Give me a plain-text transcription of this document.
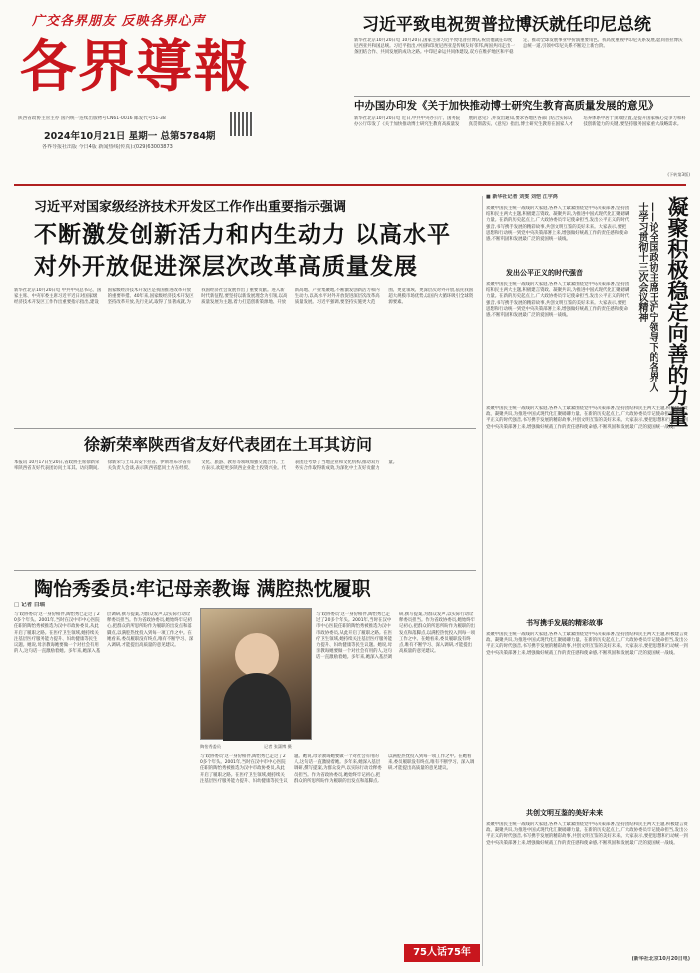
广交各界朋友 反映各界心声
各界導報
陕西省政协主管主办 国内统一连续出版物号CN61-0016 邮发代号51-38
2024年10月21日 星期一 总第5784期
各界导报社出版 今日4版 新闻热线(传真):(029)63003873
习近平致电祝贺普拉博沃就任印尼总统
新华社北京10月20日电 10月20日,国家主席习近平致电普拉博沃,祝贺他就任印度尼西亚共和国总统。习近平指出,中国和印度尼西亚是传统友好邻邦,两国共同走出一条团结合作、共同发展的成功之路。中印尼命运共同体建设,双方在维护地区和平稳定、推动全球发展事业中扮演重要角色。我高度重视中印尼关系发展,愿同普拉博沃总统一道,引领中印尼关系不断迈上新台阶。
中办国办印发《关于加快推动博士研究生教育高质量发展的意见》
新华社北京10月20日电 近日,中共中央办公厅、国务院办公厅印发了《关于加快推动博士研究生教育高质量发展的意见》,并发出通知,要求各地区各部门结合实际认真贯彻落实。《意见》指出,博士研究生教育在国家人才培养体系中居于顶端位置,是提升国家核心竞争力和科技创新能力的关键,要坚持服务国家重大战略需求。
(下转第3版)
习近平对国家级经济技术开发区工作作出重要指示强调
不断激发创新活力和内生动力 以高水平
对外开放促进深层次改革高质量发展
新华社北京10月20日电 中共中央总书记、国家主席、中央军委主席习近平近日对国家级经济技术开发区工作作出重要指示指出,建设国家级经济技术开发区是我国推进改革开放的重要举措。40年来,国家级经济技术开发区坚持改革开放,先行先试,取得了显著成就,为我国经济社会发展作出了重要贡献。进入新时代新征程,要坚持以新发展理念为引领,以高质量发展为主题,着力打造创新策源地、开放新高地、产业集聚地,不断激发创新活力和内生动力,以高水平对外开放促进深层次改革高质量发展。习近平强调,要坚持实施更大范围、更宽领域、更深层次对外开放,依托我国超大规模市场优势,以国内大循环吸引全球资源要素。
徐新荣率陕西省友好代表团在土耳其访问
本报讯 10月17日至20日,省政协主席徐新荣率陕西省友好代表团访问土耳其。访问期间,徐新荣与土耳其安卡拉省、伊斯坦布尔省有关负责人会谈,表示陕西省愿同土方在经贸、文化、旅游、教育等领域加强交流合作。土方表示,欢迎更多陕西企业赴土投资兴业。代表团还考察了当地企业和文化机构,推动双方务实合作取得新成效,为深化中土友好贡献力量。
陶怡秀委员:牢记母亲教诲 满腔热忱履职
□ 记者 白瑞
与'政协委员'这一身份相伴,陶怡秀已走过了20多个年头。2001年,当时在汉中市中心医院任职的陶怡秀被推选为汉中市政协委员,从此开启了履职之路。在医疗卫生领域,她持续关注基层医疗服务能力提升、妇幼健康等民生议题。她说,母亲教诲她要做一个对社会有用的人,这句话一直激励着她。多年来,她深入基层调研,撰写提案,为群众发声,以实际行动诠释委员担当。作为省政协委员,她始终牢记初心,把群众的所思所盼作为履职的出发点和落脚点,以满腔热忱投入到每一项工作之中。在她看来,委员履职没有终点,唯有不断学习、深入调研,才能提出高质量的意见建议。
陶怡秀委员	记者 张潇博 摄
与'政协委员'这一身份相伴,陶怡秀已走过了20多个年头。2001年,当时在汉中市中心医院任职的陶怡秀被推选为汉中市政协委员,从此开启了履职之路。在医疗卫生领域,她持续关注基层医疗服务能力提升、妇幼健康等民生议题。她说,母亲教诲她要做一个对社会有用的人,这句话一直激励着她。多年来,她深入基层调研,撰写提案,为群众发声,以实际行动诠释委员担当。作为省政协委员,她始终牢记初心,把群众的所思所盼作为履职的出发点和落脚点,以满腔热忱投入到每一项工作之中。在她看来,委员履职没有终点,唯有不断学习、深入调研,才能提出高质量的意见建议。
与'政协委员'这一身份相伴,陶怡秀已走过了20多个年头。2001年,当时在汉中市中心医院任职的陶怡秀被推选为汉中市政协委员,从此开启了履职之路。在医疗卫生领域,她持续关注基层医疗服务能力提升、妇幼健康等民生议题。她说,母亲教诲她要做一个对社会有用的人,这句话一直激励着她。多年来,她深入基层调研,撰写提案,为群众发声,以实际行动诠释委员担当。作为省政协委员,她始终牢记初心,把群众的所思所盼作为履职的出发点和落脚点,以满腔热忱投入到每一项工作之中。在她看来,委员履职没有终点,唯有不断学习、深入调研,才能提出高质量的意见建议。
■ 新华社记者 刘雯 刘恺 江宇鸿	凝聚积极稳定向善的力量
——论全国政协主席王沪宁领导下的各界人士学习贯彻十三次会议精神
欢聚中国民主统一战线的大家庭,各界人士紧紧围绕党中央决策部署,坚持团结和民主两大主题,积极建言资政、凝聚共识,为推进中国式现代化汇聚磅礴力量。在新的历史起点上,广大政协委员牢记使命担当,发出公平正义的时代强音,书写携手发展的精彩故事,共创文明互鉴的美好未来。大家表示,要把思想和行动统一到党中央决策部署上来,增强做好统战工作的责任感和使命感,不断巩固和发展最广泛的爱国统一战线。
发出公平正义的时代强音
欢聚中国民主统一战线的大家庭,各界人士紧紧围绕党中央决策部署,坚持团结和民主两大主题,积极建言资政、凝聚共识,为推进中国式现代化汇聚磅礴力量。在新的历史起点上,广大政协委员牢记使命担当,发出公平正义的时代强音,书写携手发展的精彩故事,共创文明互鉴的美好未来。大家表示,要把思想和行动统一到党中央决策部署上来,增强做好统战工作的责任感和使命感,不断巩固和发展最广泛的爱国统一战线。
欢聚中国民主统一战线的大家庭,各界人士紧紧围绕党中央决策部署,坚持团结和民主两大主题,积极建言资政、凝聚共识,为推进中国式现代化汇聚磅礴力量。在新的历史起点上,广大政协委员牢记使命担当,发出公平正义的时代强音,书写携手发展的精彩故事,共创文明互鉴的美好未来。大家表示,要把思想和行动统一到党中央决策部署上来,增强做好统战工作的责任感和使命感,不断巩固和发展最广泛的爱国统一战线。
书写携手发展的精彩故事
欢聚中国民主统一战线的大家庭,各界人士紧紧围绕党中央决策部署,坚持团结和民主两大主题,积极建言资政、凝聚共识,为推进中国式现代化汇聚磅礴力量。在新的历史起点上,广大政协委员牢记使命担当,发出公平正义的时代强音,书写携手发展的精彩故事,共创文明互鉴的美好未来。大家表示,要把思想和行动统一到党中央决策部署上来,增强做好统战工作的责任感和使命感,不断巩固和发展最广泛的爱国统一战线。
共创文明互鉴的美好未来
欢聚中国民主统一战线的大家庭,各界人士紧紧围绕党中央决策部署,坚持团结和民主两大主题,积极建言资政、凝聚共识,为推进中国式现代化汇聚磅礴力量。在新的历史起点上,广大政协委员牢记使命担当,发出公平正义的时代强音,书写携手发展的精彩故事,共创文明互鉴的美好未来。大家表示,要把思想和行动统一到党中央决策部署上来,增强做好统战工作的责任感和使命感,不断巩固和发展最广泛的爱国统一战线。
(新华社北京10月20日电)
75人话75年
